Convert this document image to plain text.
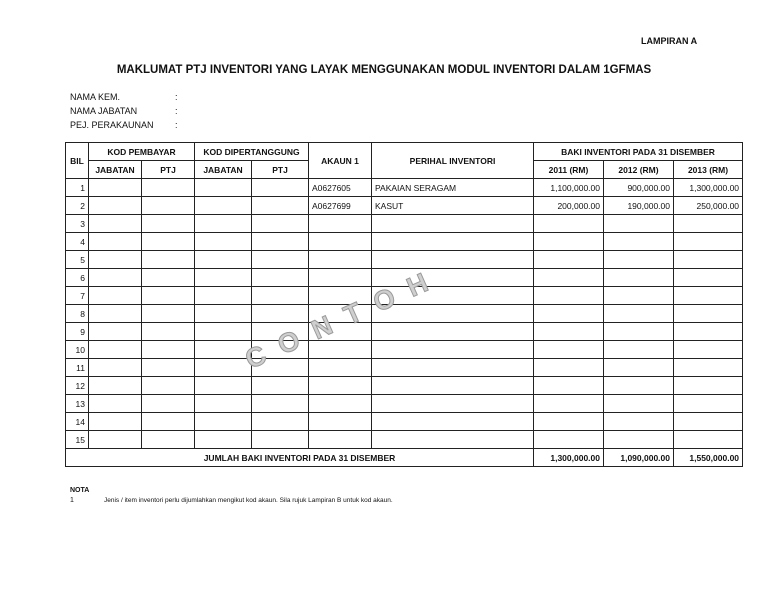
LAMPIRAN A
MAKLUMAT PTJ INVENTORI YANG LAYAK MENGGUNAKAN MODUL INVENTORI DALAM 1GFMAS
NAMA KEM.	:
NAMA JABATAN	:
PEJ. PERAKAUNAN :
BIL	KOD PEMBAYAR		KOD DIPERTANGGUNG		AKAUN 1	PERIHAL INVENTORI	BAKI INVENTORI PADA 31 DISEMBER		
	JABATAN	PTJ	JABATAN	PTJ			2011 (RM)	2012 (RM)	2013 (RM)
1					A0627605	PAKAIAN SERAGAM	1,100,000.00	900,000.00	1,300,000.00
2					A0627699	KASUT	200,000.00	190,000.00	250,000.00
3									
4									
5									
6									
7									
8									
9									
10									
11									
12									
13									
14									
15									
JUMLAH BAKI INVENTORI PADA 31 DISEMBER							1,300,000.00	1,090,000.00	1,550,000.00
CONTOH
NOTA
1	Jenis / item inventori perlu dijumlahkan mengikut kod akaun. Sila rujuk Lampiran B untuk kod akaun.
